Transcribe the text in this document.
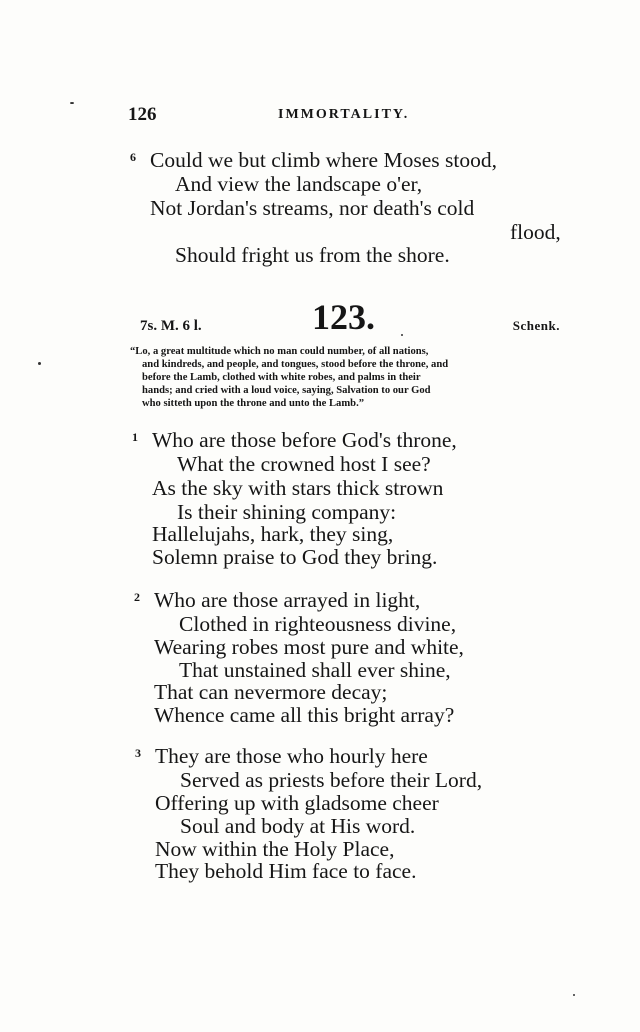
126	IMMORTALITY.
6 Could we but climb where Moses stood,
And view the landscape o'er,
Not Jordan's streams, nor death's cold
flood,
Should fright us from the shore.
7s. M. 6 l.	123.	Schenk.
“Lo, a great multitude which no man could number, of all nations,
and kindreds, and people, and tongues, stood before the throne, and
before the Lamb, clothed with white robes, and palms in their
hands; and cried with a loud voice, saying, Salvation to our God
who sitteth upon the throne and unto the Lamb.”
1 Who are those before God's throne,
What the crowned host I see?
As the sky with stars thick strown
Is their shining company:
Hallelujahs, hark, they sing,
Solemn praise to God they bring.
2 Who are those arrayed in light,
Clothed in righteousness divine,
Wearing robes most pure and white,
That unstained shall ever shine,
That can nevermore decay;
Whence came all this bright array?
3 They are those who hourly here
Served as priests before their Lord,
Offering up with gladsome cheer
Soul and body at His word.
Now within the Holy Place,
They behold Him face to face.
